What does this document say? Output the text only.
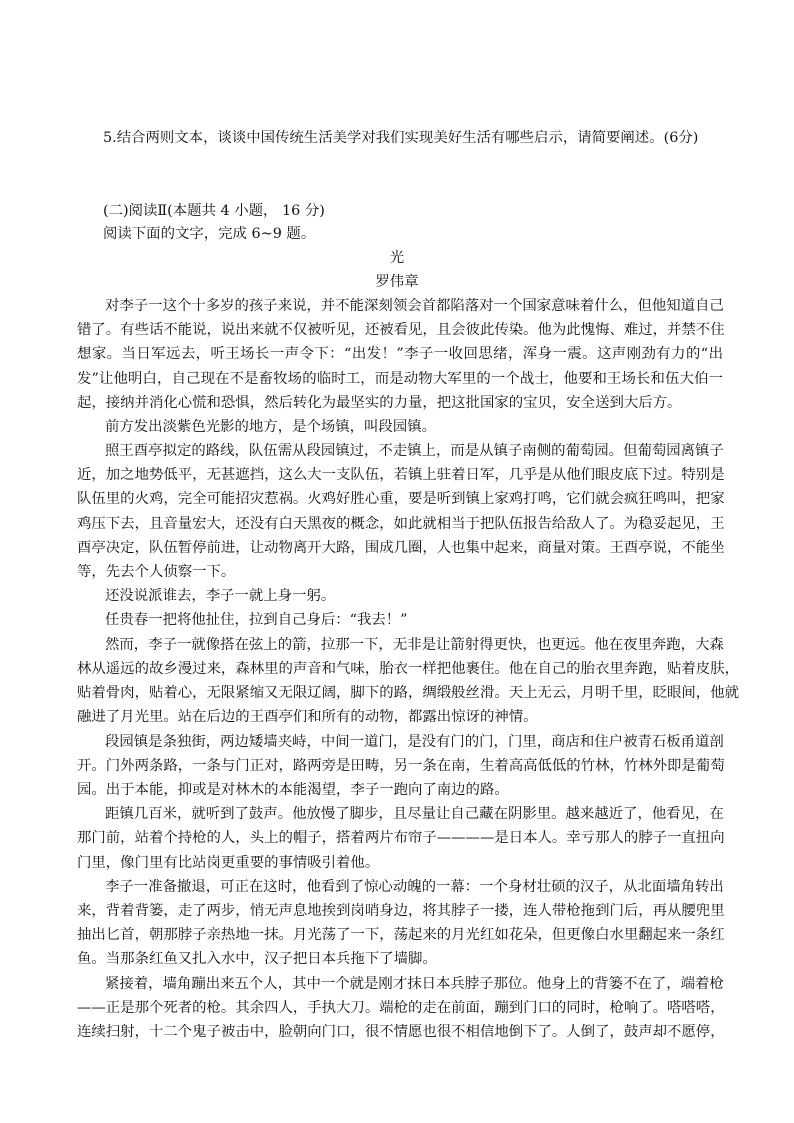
5.结合两则文本，谈谈中国传统生活美学对我们实现美好生活有哪些启示，请简要阐述。(6分)
(二)阅读Ⅱ(本题共 4 小题， 16 分)
阅读下面的文字，完成 6~9 题。
光
罗伟章
对李子一这个十多岁的孩子来说，并不能深刻领会首都陷落对一个国家意味着什么，但他知道自己
错了。有些话不能说，说出来就不仅被听见，还被看见，且会彼此传染。他为此愧悔、难过，并禁不住
想家。当日军远去，听王场长一声令下：“出发！”李子一收回思绪，浑身一震。这声刚劲有力的“出
发”让他明白，自己现在不是畜牧场的临时工，而是动物大军里的一个战士，他要和王场长和伍大伯一
起，接纳并消化心慌和恐惧，然后转化为最坚实的力量，把这批国家的宝贝，安全送到大后方。
前方发出淡紫色光影的地方，是个场镇，叫段园镇。
照王酉亭拟定的路线，队伍需从段园镇过，不走镇上，而是从镇子南侧的葡萄园。但葡萄园离镇子
近，加之地势低平，无甚遮挡，这么大一支队伍，若镇上驻着日军，几乎是从他们眼皮底下过。特别是
队伍里的火鸡，完全可能招灾惹祸。火鸡好胜心重，要是听到镇上家鸡打鸣，它们就会疯狂鸣叫，把家
鸡压下去，且音量宏大，还没有白天黑夜的概念，如此就相当于把队伍报告给敌人了。为稳妥起见，王
酉亭决定，队伍暂停前进，让动物离开大路，围成几圈，人也集中起来，商量对策。王酉亭说，不能坐
等，先去个人侦察一下。
还没说派谁去，李子一就上身一躬。
任贵春一把将他扯住，拉到自己身后：“我去！”
然而，李子一就像搭在弦上的箭，拉那一下，无非是让箭射得更快，也更远。他在夜里奔跑，大森
林从遥远的故乡漫过来，森林里的声音和气味，胎衣一样把他裹住。他在自己的胎衣里奔跑，贴着皮肤，
贴着骨肉，贴着心，无限紧缩又无限辽阔，脚下的路，绸缎般丝滑。天上无云，月明千里，眨眼间，他就
融进了月光里。站在后边的王酉亭们和所有的动物，都露出惊讶的神情。
段园镇是条独街，两边矮墙夹峙，中间一道门，是没有门的门，门里，商店和住户被青石板甬道剖
开。门外两条路，一条与门正对，路两旁是田畴，另一条在南，生着高高低低的竹林，竹林外即是葡萄
园。出于本能，抑或是对林木的本能渴望，李子一跑向了南边的路。
距镇几百米，就听到了鼓声。他放慢了脚步，且尽量让自己藏在阴影里。越来越近了，他看见，在
那门前，站着个持枪的人，头上的帽子，搭着两片布帘子————是日本人。幸亏那人的脖子一直扭向
门里，像门里有比站岗更重要的事情吸引着他。
李子一准备撤退，可正在这时，他看到了惊心动魄的一幕：一个身材壮硕的汉子，从北面墙角转出
来，背着背篓，走了两步，悄无声息地挨到岗哨身边，将其脖子一搂，连人带枪拖到门后，再从腰兜里
抽出匕首，朝那脖子亲热地一抹。月光荡了一下，荡起来的月光红如花朵，但更像白水里翻起来一条红
鱼。当那条红鱼又扎入水中，汉子把日本兵拖下了墙脚。
紧接着，墙角蹦出来五个人，其中一个就是刚才抹日本兵脖子那位。他身上的背篓不在了，端着枪
——正是那个死者的枪。其余四人，手执大刀。端枪的走在前面，蹦到门口的同时，枪响了。嗒嗒嗒，
连续扫射，十二个鬼子被击中，脸朝向门口，很不情愿也很不相信地倒下了。人倒了，鼓声却不愿停，
